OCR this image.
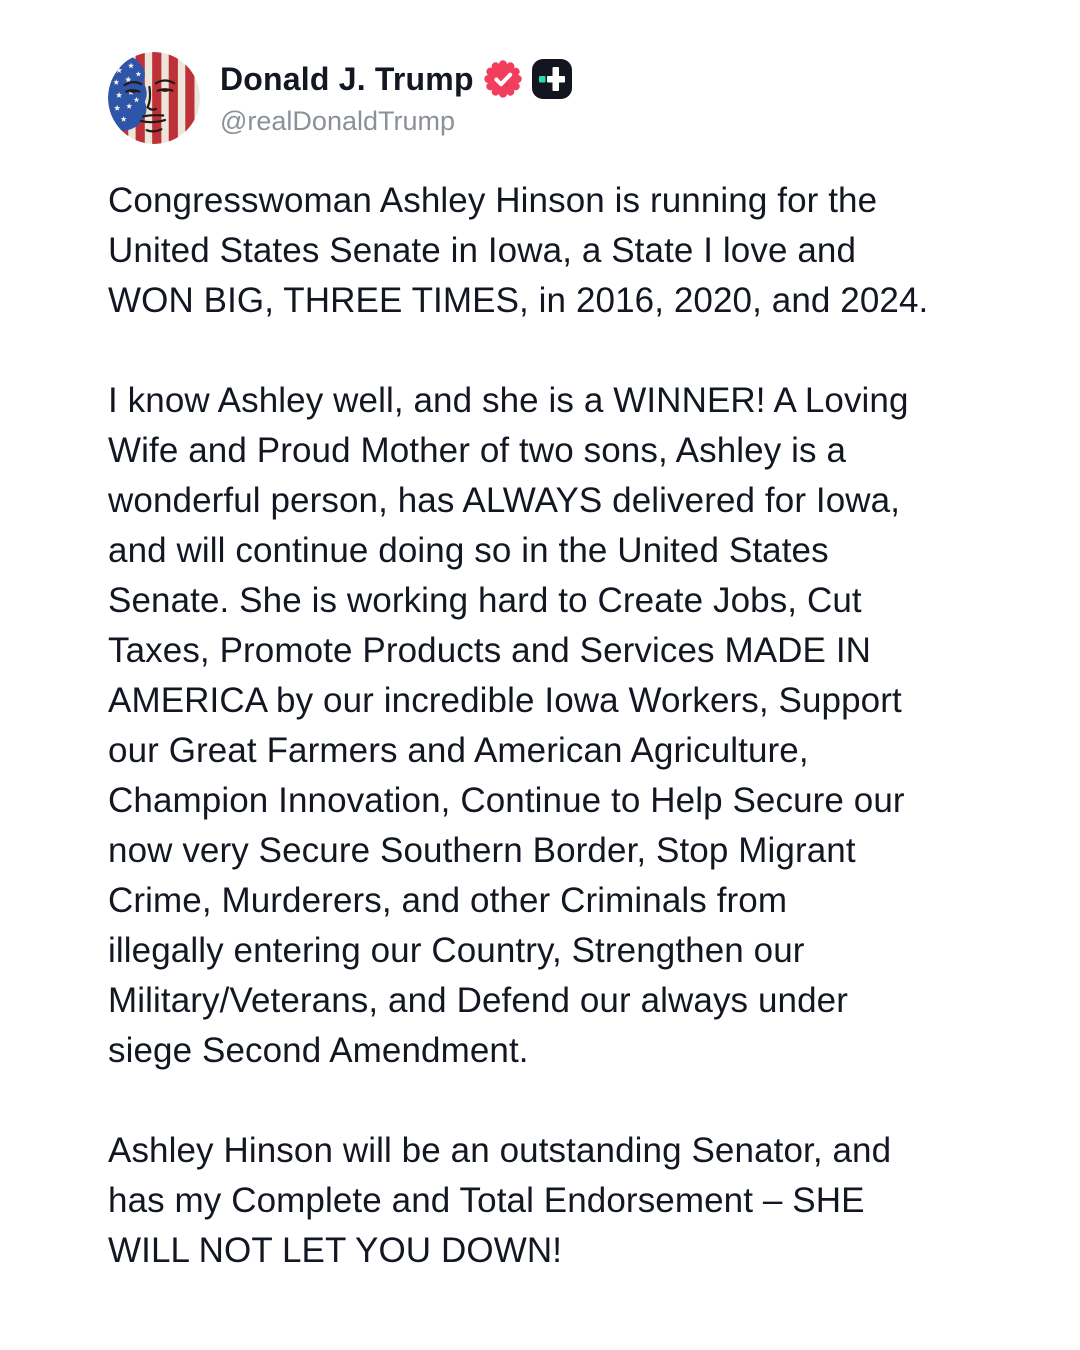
Donald J. Trump
@realDonaldTrump

Congresswoman Ashley Hinson is running for the
United States Senate in Iowa, a State I love and
WON BIG, THREE TIMES, in 2016, 2020, and 2024.

I know Ashley well, and she is a WINNER! A Loving
Wife and Proud Mother of two sons, Ashley is a
wonderful person, has ALWAYS delivered for Iowa,
and will continue doing so in the United States
Senate. She is working hard to Create Jobs, Cut
Taxes, Promote Products and Services MADE IN
AMERICA by our incredible Iowa Workers, Support
our Great Farmers and American Agriculture,
Champion Innovation, Continue to Help Secure our
now very Secure Southern Border, Stop Migrant
Crime, Murderers, and other Criminals from
illegally entering our Country, Strengthen our
Military/Veterans, and Defend our always under
siege Second Amendment.

Ashley Hinson will be an outstanding Senator, and
has my Complete and Total Endorsement – SHE
WILL NOT LET YOU DOWN!
